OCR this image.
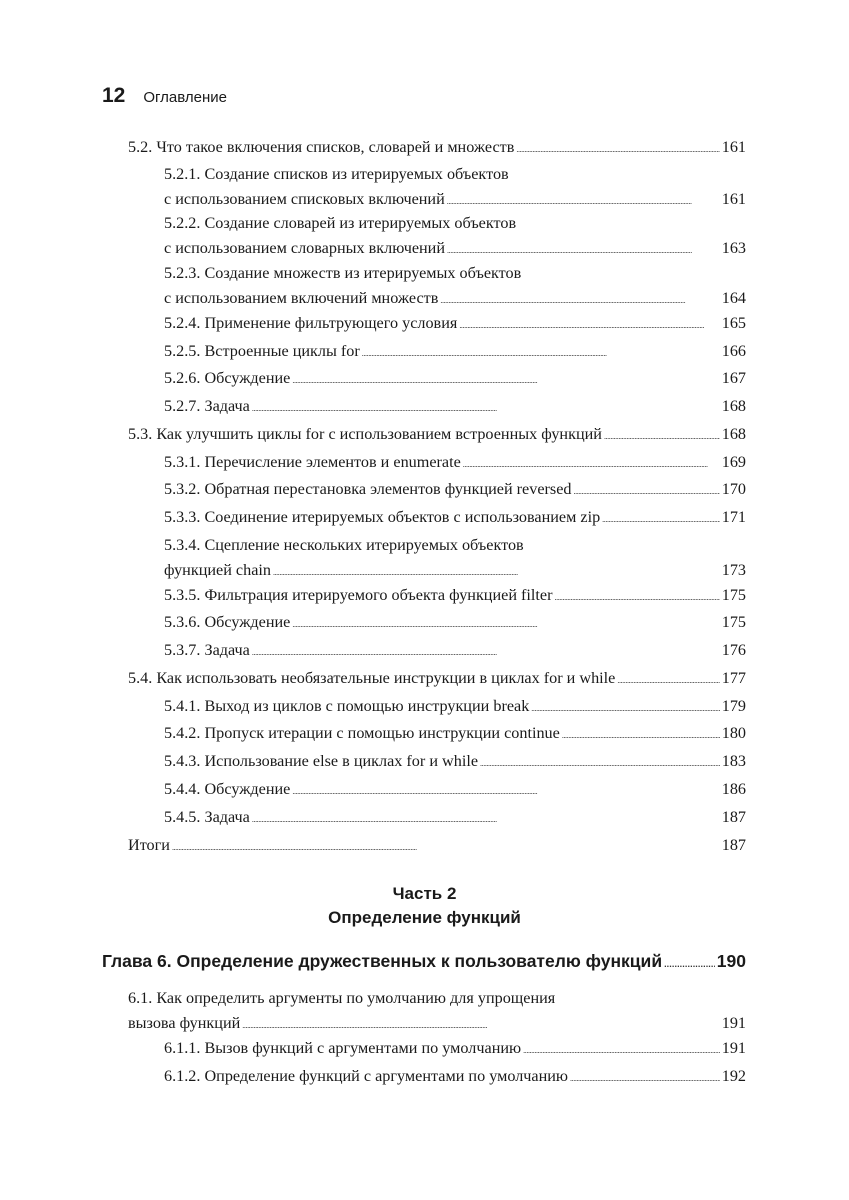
12 Оглавление
5.2. Что такое включения списков, словарей и множеств . . .	161
5.2.1. Создание списков из итерируемых объектов
с использованием списковых включений . . .	161
5.2.2. Создание словарей из итерируемых объектов
с использованием словарных включений . . .	163
5.2.3. Создание множеств из итерируемых объектов
с использованием включений множеств . . .	164
5.2.4. Применение фильтрующего условия . . .	165
5.2.5. Встроенные циклы for . . .	166
5.2.6. Обсуждение . . .	167
5.2.7. Задача . . .	168
5.3. Как улучшить циклы for с использованием встроенных функций . . .	168
5.3.1. Перечисление элементов и enumerate . . .	169
5.3.2. Обратная перестановка элементов функцией reversed . . .	170
5.3.3. Соединение итерируемых объектов с использованием zip . . .	171
5.3.4. Сцепление нескольких итерируемых объектов
функцией chain . . .	173
5.3.5. Фильтрация итерируемого объекта функцией filter . . .	175
5.3.6. Обсуждение . . .	175
5.3.7. Задача . . .	176
5.4. Как использовать необязательные инструкции в циклах for и while . . .	177
5.4.1. Выход из циклов с помощью инструкции break . . .	179
5.4.2. Пропуск итерации с помощью инструкции continue . . .	180
5.4.3. Использование else в циклах for и while . . .	183
5.4.4. Обсуждение . . .	186
5.4.5. Задача . . .	187
Итоги . . .	187
Часть 2
Определение функций
Глава 6. Определение дружественных к пользователю функций . . .	190
6.1. Как определить аргументы по умолчанию для упрощения
вызова функций . . .	191
6.1.1. Вызов функций с аргументами по умолчанию . . .	191
6.1.2. Определение функций с аргументами по умолчанию . . .	192
